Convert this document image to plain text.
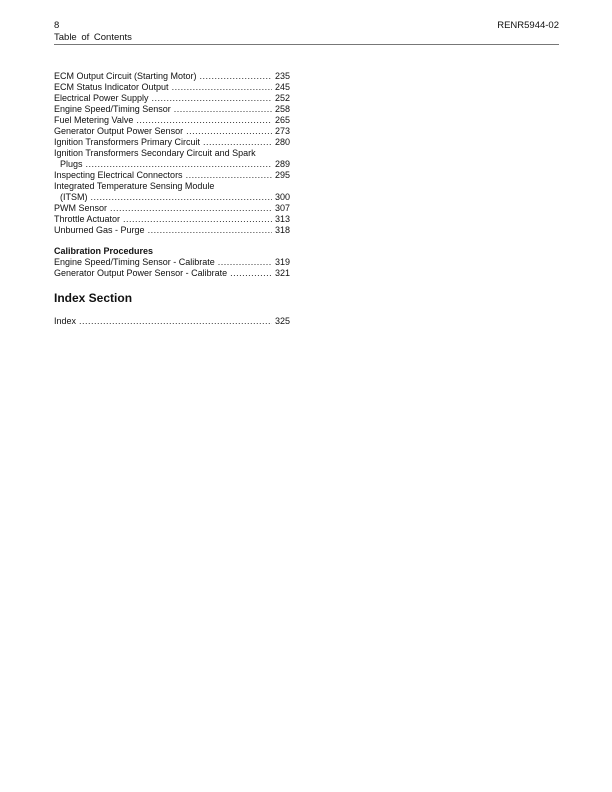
8	RENR5944-02
Table of Contents
ECM Output Circuit (Starting Motor) .....	235
ECM Status Indicator Output .....	245
Electrical Power Supply .....	252
Engine Speed/Timing Sensor .....	258
Fuel Metering Valve .....	265
Generator Output Power Sensor .....	273
Ignition Transformers Primary Circuit .....	280
Ignition Transformers Secondary Circuit and Spark
Plugs .....	289
Inspecting Electrical Connectors .....	295
Integrated Temperature Sensing Module
(ITSM) .....	300
PWM Sensor .....	307
Throttle Actuator .....	313
Unburned Gas - Purge .....	318
Calibration Procedures
Engine Speed/Timing Sensor - Calibrate .....	319
Generator Output Power Sensor - Calibrate .....	321
Index Section
Index .....	325
